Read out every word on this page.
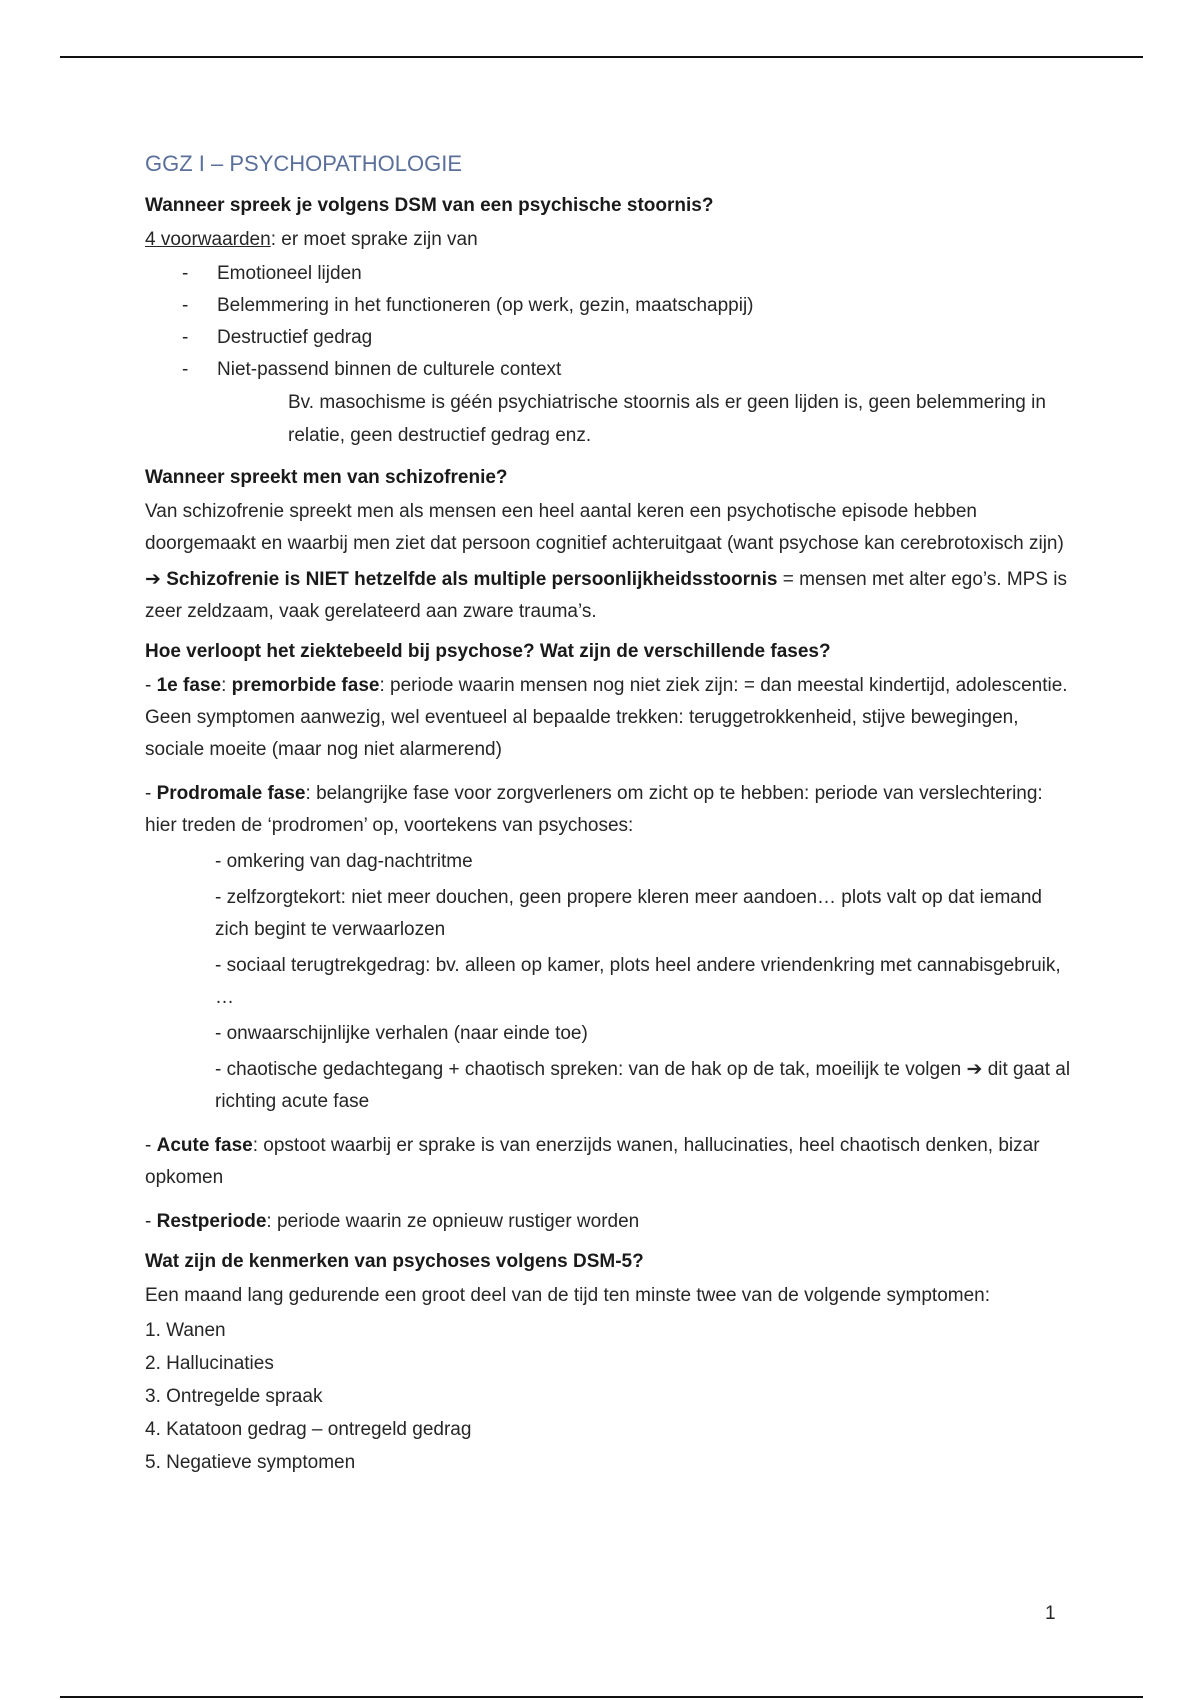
GGZ I – PSYCHOPATHOLOGIE
Wanneer spreek je volgens DSM van een psychische stoornis?

4 voorwaarden: er moet sprake zijn van

- Emotioneel lijden
- Belemmering in het functioneren (op werk, gezin, maatschappij)
- Destructief gedrag
- Niet-passend binnen de culturele context
Bv. masochisme is géén psychiatrische stoornis als er geen lijden is, geen belemmering in relatie, geen destructief gedrag enz.
Wanneer spreekt men van schizofrenie?

Van schizofrenie spreekt men als mensen een heel aantal keren een psychotische episode hebben doorgemaakt en waarbij men ziet dat persoon cognitief achteruitgaat (want psychose kan cerebrotoxisch zijn)

➔ Schizofrenie is NIET hetzelfde als multiple persoonlijkheidsstoornis = mensen met alter ego’s. MPS is zeer zeldzaam, vaak gerelateerd aan zware trauma’s.

Hoe verloopt het ziektebeeld bij psychose? Wat zijn de verschillende fases?

- 1e fase: premorbide fase: periode waarin mensen nog niet ziek zijn: = dan meestal kindertijd, adolescentie. Geen symptomen aanwezig, wel eventueel al bepaalde trekken: teruggetrokkenheid, stijve bewegingen, sociale moeite (maar nog niet alarmerend)

- Prodromale fase: belangrijke fase voor zorgverleners om zicht op te hebben: periode van verslechtering: hier treden de ‘prodromen’ op, voortekens van psychoses:

- omkering van dag-nachtritme

- zelfzorgtekort: niet meer douchen, geen propere kleren meer aandoen… plots valt op dat iemand zich begint te verwaarlozen

- sociaal terugtrekgedrag: bv. alleen op kamer, plots heel andere vriendenkring met cannabisgebruik, …

- onwaarschijnlijke verhalen (naar einde toe)

- chaotische gedachtegang + chaotisch spreken: van de hak op de tak, moeilijk te volgen ➔ dit gaat al richting acute fase

- Acute fase: opstoot waarbij er sprake is van enerzijds wanen, hallucinaties, heel chaotisch denken, bizar opkomen

- Restperiode: periode waarin ze opnieuw rustiger worden

Wat zijn de kenmerken van psychoses volgens DSM-5?

Een maand lang gedurende een groot deel van de tijd ten minste twee van de volgende symptomen:

1. Wanen
2. Hallucinaties
3. Ontregelde spraak
4. Katatoon gedrag – ontregeld gedrag
5. Negatieve symptomen
1
